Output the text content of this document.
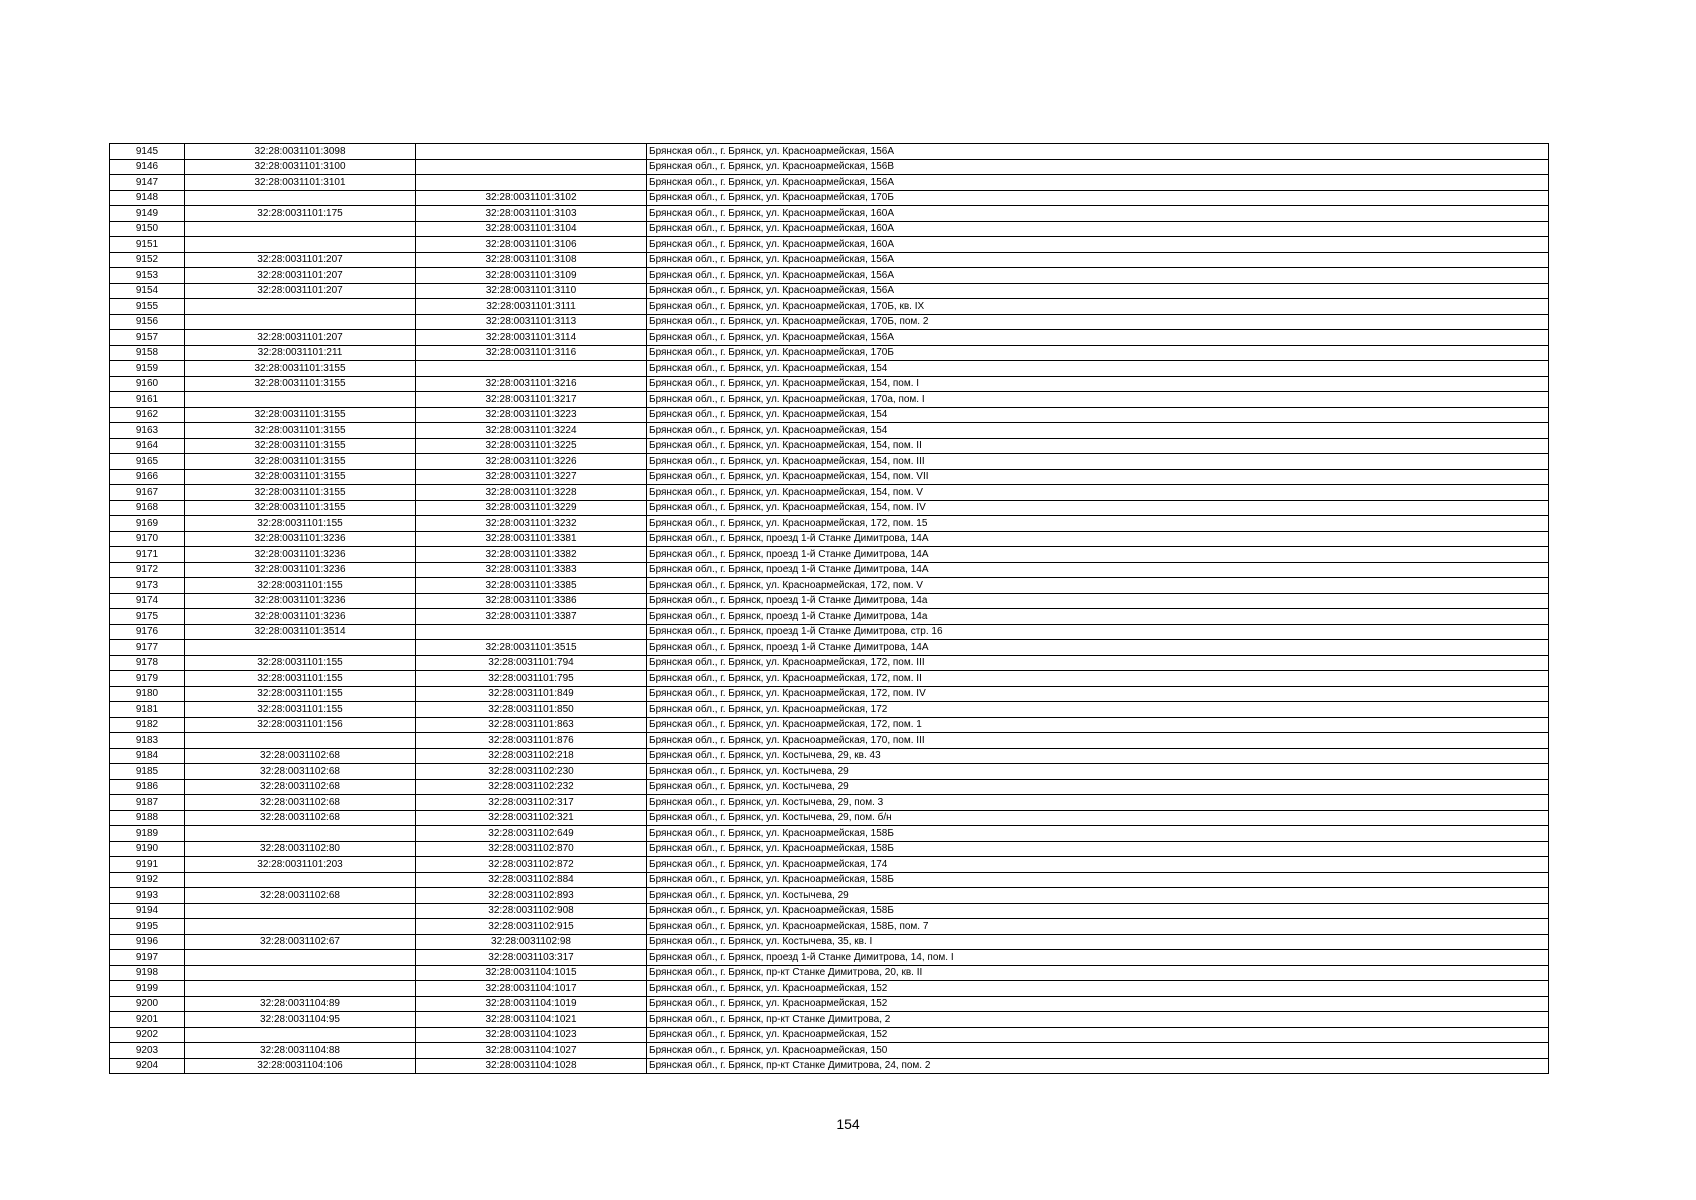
9145	32:28:0031101:3098		Брянская обл., г. Брянск, ул. Красноармейская, 156А
9146	32:28:0031101:3100		Брянская обл., г. Брянск, ул. Красноармейская, 156В
9147	32:28:0031101:3101		Брянская обл., г. Брянск, ул. Красноармейская, 156А
9148		32:28:0031101:3102	Брянская обл., г. Брянск, ул. Красноармейская, 170Б
9149	32:28:0031101:175	32:28:0031101:3103	Брянская обл., г. Брянск, ул. Красноармейская, 160А
9150		32:28:0031101:3104	Брянская обл., г. Брянск, ул. Красноармейская, 160А
9151		32:28:0031101:3106	Брянская обл., г. Брянск, ул. Красноармейская, 160А
9152	32:28:0031101:207	32:28:0031101:3108	Брянская обл., г. Брянск, ул. Красноармейская, 156А
9153	32:28:0031101:207	32:28:0031101:3109	Брянская обл., г. Брянск, ул. Красноармейская, 156А
9154	32:28:0031101:207	32:28:0031101:3110	Брянская обл., г. Брянск, ул. Красноармейская, 156А
9155		32:28:0031101:3111	Брянская обл., г. Брянск, ул. Красноармейская, 170Б, кв. IX
9156		32:28:0031101:3113	Брянская обл., г. Брянск, ул. Красноармейская, 170Б, пом. 2
9157	32:28:0031101:207	32:28:0031101:3114	Брянская обл., г. Брянск, ул. Красноармейская, 156А
9158	32:28:0031101:211	32:28:0031101:3116	Брянская обл., г. Брянск, ул. Красноармейская, 170Б
9159	32:28:0031101:3155		Брянская обл., г. Брянск, ул. Красноармейская, 154
9160	32:28:0031101:3155	32:28:0031101:3216	Брянская обл., г. Брянск, ул. Красноармейская, 154, пом. I
9161		32:28:0031101:3217	Брянская обл., г. Брянск, ул. Красноармейская, 170а, пом. I
9162	32:28:0031101:3155	32:28:0031101:3223	Брянская обл., г. Брянск, ул. Красноармейская, 154
9163	32:28:0031101:3155	32:28:0031101:3224	Брянская обл., г. Брянск, ул. Красноармейская, 154
9164	32:28:0031101:3155	32:28:0031101:3225	Брянская обл., г. Брянск, ул. Красноармейская, 154, пом. II
9165	32:28:0031101:3155	32:28:0031101:3226	Брянская обл., г. Брянск, ул. Красноармейская, 154, пом. III
9166	32:28:0031101:3155	32:28:0031101:3227	Брянская обл., г. Брянск, ул. Красноармейская, 154, пом. VII
9167	32:28:0031101:3155	32:28:0031101:3228	Брянская обл., г. Брянск, ул. Красноармейская, 154, пом. V
9168	32:28:0031101:3155	32:28:0031101:3229	Брянская обл., г. Брянск, ул. Красноармейская, 154, пом. IV
9169	32:28:0031101:155	32:28:0031101:3232	Брянская обл., г. Брянск, ул. Красноармейская, 172, пом. 15
9170	32:28:0031101:3236	32:28:0031101:3381	Брянская обл., г. Брянск, проезд 1-й Станке Димитрова, 14А
9171	32:28:0031101:3236	32:28:0031101:3382	Брянская обл., г. Брянск, проезд 1-й Станке Димитрова, 14А
9172	32:28:0031101:3236	32:28:0031101:3383	Брянская обл., г. Брянск, проезд 1-й Станке Димитрова, 14А
9173	32:28:0031101:155	32:28:0031101:3385	Брянская обл., г. Брянск, ул. Красноармейская, 172, пом. V
9174	32:28:0031101:3236	32:28:0031101:3386	Брянская обл., г. Брянск, проезд 1-й Станке Димитрова, 14а
9175	32:28:0031101:3236	32:28:0031101:3387	Брянская обл., г. Брянск, проезд 1-й Станке Димитрова, 14а
9176	32:28:0031101:3514		Брянская обл., г. Брянск, проезд 1-й Станке Димитрова, стр. 16
9177		32:28:0031101:3515	Брянская обл., г. Брянск, проезд 1-й Станке Димитрова, 14А
9178	32:28:0031101:155	32:28:0031101:794	Брянская обл., г. Брянск, ул. Красноармейская, 172, пом. III
9179	32:28:0031101:155	32:28:0031101:795	Брянская обл., г. Брянск, ул. Красноармейская, 172, пом. II
9180	32:28:0031101:155	32:28:0031101:849	Брянская обл., г. Брянск, ул. Красноармейская, 172, пом. IV
9181	32:28:0031101:155	32:28:0031101:850	Брянская обл., г. Брянск, ул. Красноармейская, 172
9182	32:28:0031101:156	32:28:0031101:863	Брянская обл., г. Брянск, ул. Красноармейская, 172, пом. 1
9183		32:28:0031101:876	Брянская обл., г. Брянск, ул. Красноармейская, 170, пом. III
9184	32:28:0031102:68	32:28:0031102:218	Брянская обл., г. Брянск, ул. Костычева, 29, кв. 43
9185	32:28:0031102:68	32:28:0031102:230	Брянская обл., г. Брянск, ул. Костычева, 29
9186	32:28:0031102:68	32:28:0031102:232	Брянская обл., г. Брянск, ул. Костычева, 29
9187	32:28:0031102:68	32:28:0031102:317	Брянская обл., г. Брянск, ул. Костычева, 29, пом. 3
9188	32:28:0031102:68	32:28:0031102:321	Брянская обл., г. Брянск, ул. Костычева, 29, пом. б/н
9189		32:28:0031102:649	Брянская обл., г. Брянск, ул. Красноармейская, 158Б
9190	32:28:0031102:80	32:28:0031102:870	Брянская обл., г. Брянск, ул. Красноармейская, 158Б
9191	32:28:0031101:203	32:28:0031102:872	Брянская обл., г. Брянск, ул. Красноармейская, 174
9192		32:28:0031102:884	Брянская обл., г. Брянск, ул. Красноармейская, 158Б
9193	32:28:0031102:68	32:28:0031102:893	Брянская обл., г. Брянск, ул. Костычева, 29
9194		32:28:0031102:908	Брянская обл., г. Брянск, ул. Красноармейская, 158Б
9195		32:28:0031102:915	Брянская обл., г. Брянск, ул. Красноармейская, 158Б, пом. 7
9196	32:28:0031102:67	32:28:0031102:98	Брянская обл., г. Брянск, ул. Костычева, 35, кв. I
9197		32:28:0031103:317	Брянская обл., г. Брянск, проезд 1-й Станке Димитрова, 14, пом. I
9198		32:28:0031104:1015	Брянская обл., г. Брянск, пр-кт Станке Димитрова, 20, кв. II
9199		32:28:0031104:1017	Брянская обл., г. Брянск, ул. Красноармейская, 152
9200	32:28:0031104:89	32:28:0031104:1019	Брянская обл., г. Брянск, ул. Красноармейская, 152
9201	32:28:0031104:95	32:28:0031104:1021	Брянская обл., г. Брянск, пр-кт Станке Димитрова, 2
9202		32:28:0031104:1023	Брянская обл., г. Брянск, ул. Красноармейская, 152
9203	32:28:0031104:88	32:28:0031104:1027	Брянская обл., г. Брянск, ул. Красноармейская, 150
9204	32:28:0031104:106	32:28:0031104:1028	Брянская обл., г. Брянск, пр-кт Станке Димитрова, 24, пом. 2
154
